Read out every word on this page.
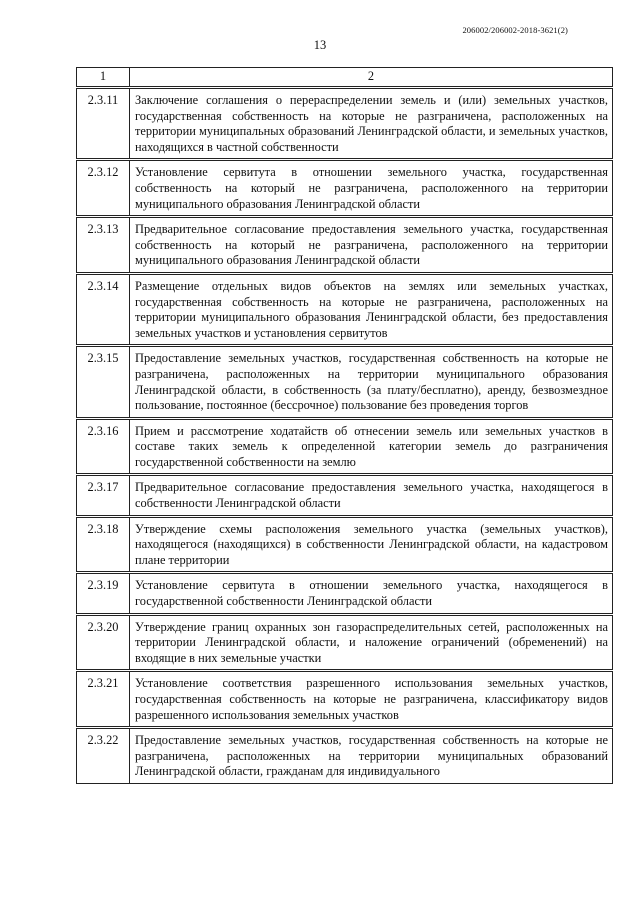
206002/206002-2018-3621(2)
13
1	2
2.3.11	Заключение соглашения о перераспределении земель и (или) земельных участков, государственная собственность на которые не разграничена, расположенных на территории муниципальных образований Ленинградской области, и земельных участков, находящихся в частной собственности
2.3.12	Установление сервитута в отношении земельного участка, государственная собственность на который не разграничена, расположенного на территории муниципального образования Ленинградской области
2.3.13	Предварительное согласование предоставления земельного участка, государственная собственность на который не разграничена, расположенного на территории муниципального образования Ленинградской области
2.3.14	Размещение отдельных видов объектов на землях или земельных участках, государственная собственность на которые не разграничена, расположенных на территории муниципального образования Ленинградской области, без предоставления земельных участков и установления сервитутов
2.3.15	Предоставление земельных участков, государственная собственность на которые не разграничена, расположенных на территории муниципального образования Ленинградской области, в собственность (за плату/бесплатно), аренду, безвозмездное пользование, постоянное (бессрочное) пользование без проведения торгов
2.3.16	Прием и рассмотрение ходатайств об отнесении земель или земельных участков в составе таких земель к определенной категории земель до разграничения государственной собственности на землю
2.3.17	Предварительное согласование предоставления земельного участка, находящегося в собственности Ленинградской области
2.3.18	Утверждение схемы расположения земельного участка (земельных участков), находящегося (находящихся) в собственности Ленинградской области, на кадастровом плане территории
2.3.19	Установление сервитута в отношении земельного участка, находящегося в государственной собственности Ленинградской области
2.3.20	Утверждение границ охранных зон газораспределительных сетей, расположенных на территории Ленинградской области, и наложение ограничений (обременений) на входящие в них земельные участки
2.3.21	Установление соответствия разрешенного использования земельных участков, государственная собственность на которые не разграничена, классификатору видов разрешенного использования земельных участков
2.3.22	Предоставление земельных участков, государственная собственность на которые не разграничена, расположенных на территории муниципальных образований Ленинградской области, гражданам для индивидуального
